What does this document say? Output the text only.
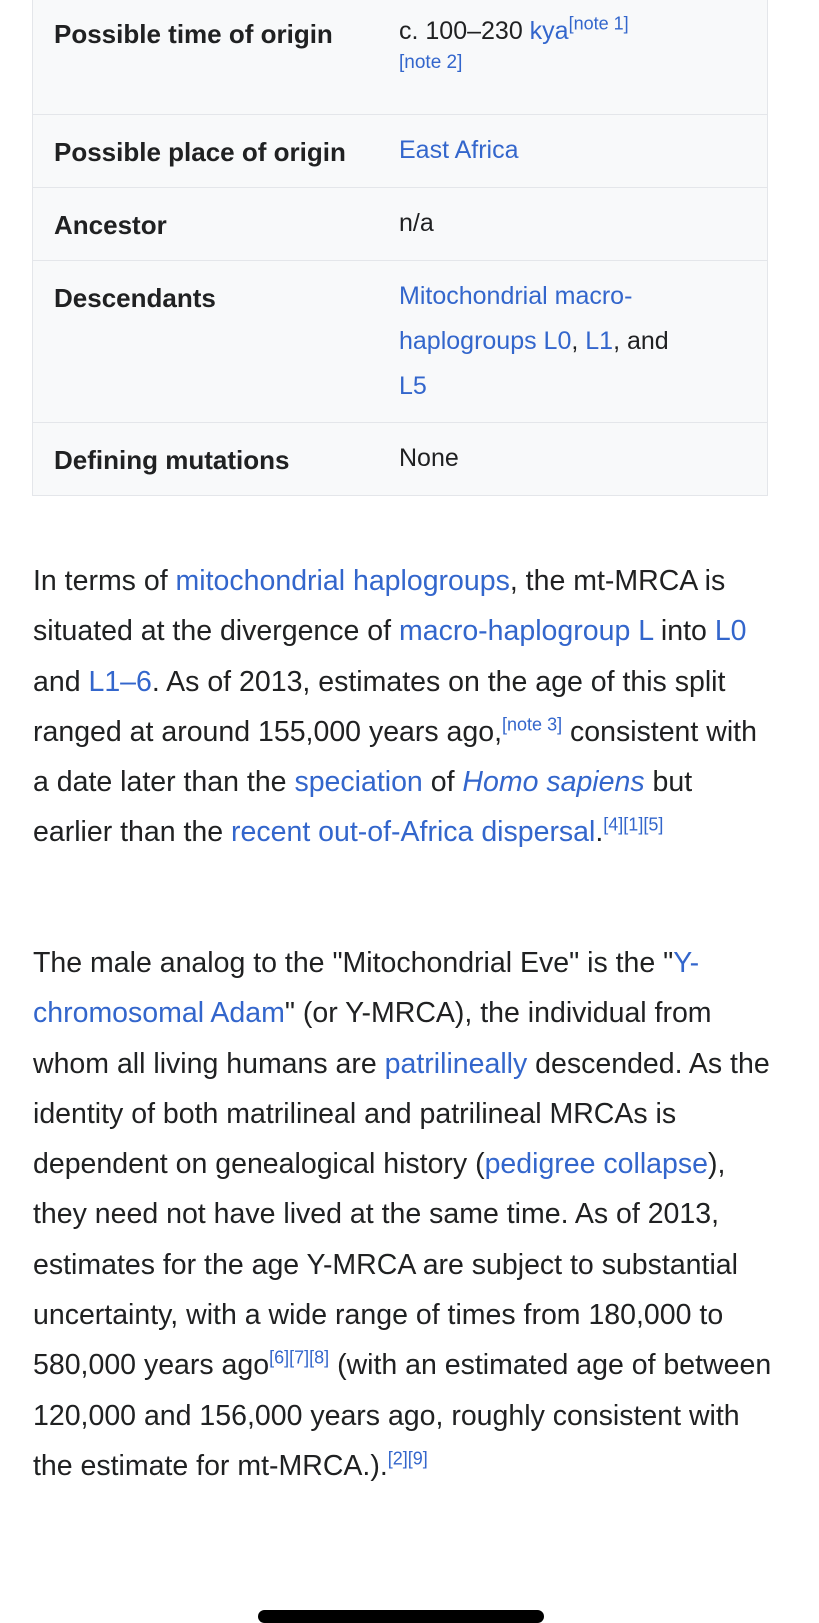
Possible time of origin	c. 100–230 kya[note 1]
[note 2]
Possible place of origin	East Africa
Ancestor	n/a
Descendants	Mitochondrial macro-
haplogroups L0, L1, and
L5
Defining mutations	None

In terms of mitochondrial haplogroups, the mt-MRCA is situated at the divergence of macro-haplogroup L into L0 and L1–6. As of 2013, estimates on the age of this split ranged at around 155,000 years ago,[note 3] consistent with a date later than the speciation of Homo sapiens but earlier than the recent out-of-Africa dispersal.[4][1][5]

The male analog to the "Mitochondrial Eve" is the "Y-chromosomal Adam" (or Y-MRCA), the individual from whom all living humans are patrilineally descended. As the identity of both matrilineal and patrilineal MRCAs is dependent on genealogical history (pedigree collapse), they need not have lived at the same time. As of 2013, estimates for the age Y-MRCA are subject to substantial uncertainty, with a wide range of times from 180,000 to 580,000 years ago[6][7][8] (with an estimated age of between 120,000 and 156,000 years ago, roughly consistent with the estimate for mt-MRCA.).[2][9]
